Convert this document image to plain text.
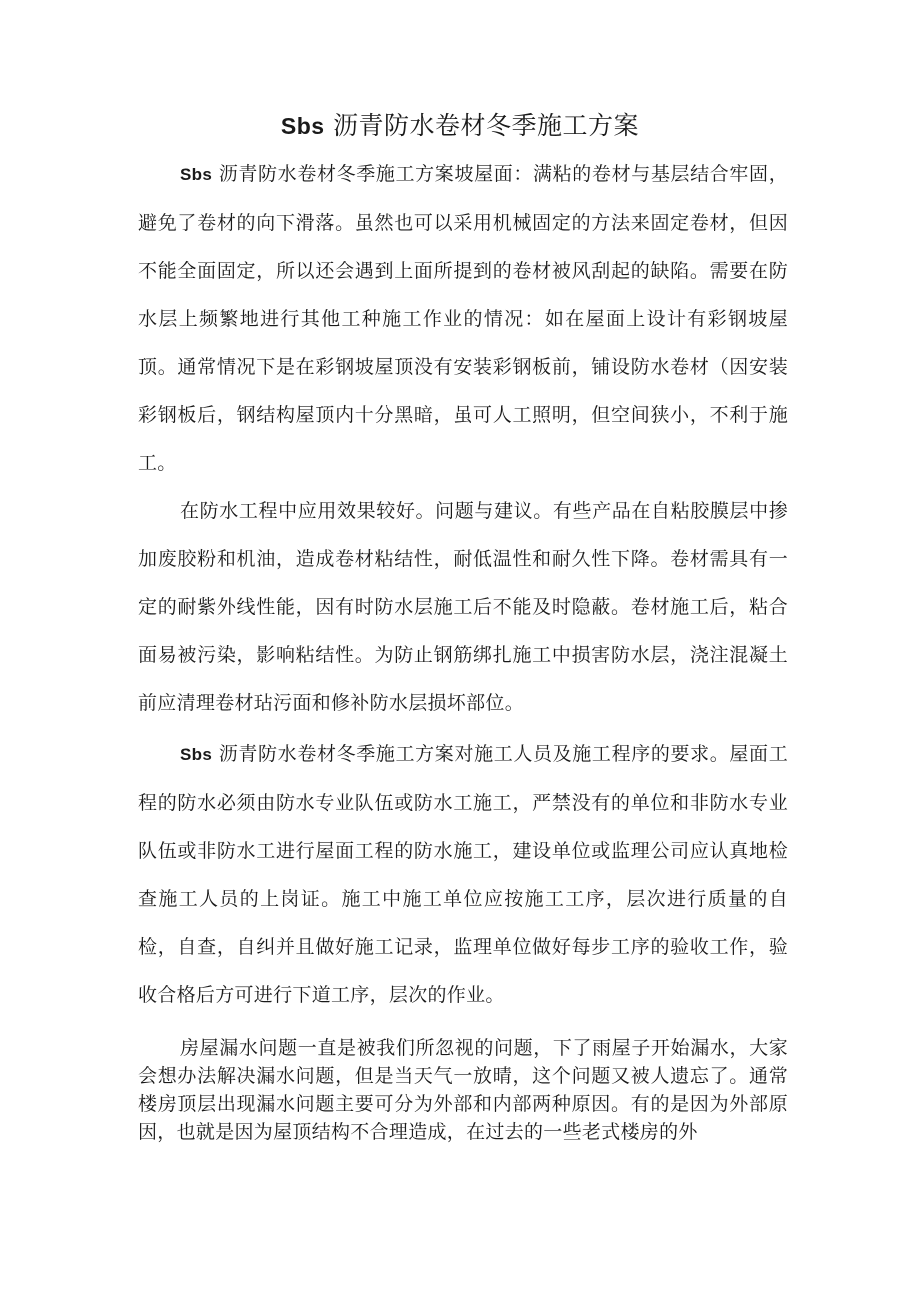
Sbs 沥青防水卷材冬季施工方案

Sbs 沥青防水卷材冬季施工方案坡屋面：满粘的卷材与基层结合牢固，避免了卷材的向下滑落。虽然也可以采用机械固定的方法来固定卷材，但因不能全面固定，所以还会遇到上面所提到的卷材被风刮起的缺陷。需要在防水层上频繁地进行其他工种施工作业的情况：如在屋面上设计有彩钢坡屋顶。通常情况下是在彩钢坡屋顶没有安装彩钢板前，铺设防水卷材（因安装彩钢板后，钢结构屋顶内十分黑暗，虽可人工照明，但空间狭小，不利于施工。

在防水工程中应用效果较好。问题与建议。有些产品在自粘胶膜层中掺加废胶粉和机油，造成卷材粘结性，耐低温性和耐久性下降。卷材需具有一定的耐紫外线性能，因有时防水层施工后不能及时隐蔽。卷材施工后，粘合面易被污染，影响粘结性。为防止钢筋绑扎施工中损害防水层，浇注混凝土前应清理卷材玷污面和修补防水层损坏部位。

Sbs 沥青防水卷材冬季施工方案对施工人员及施工程序的要求。屋面工程的防水必须由防水专业队伍或防水工施工，严禁没有的单位和非防水专业队伍或非防水工进行屋面工程的防水施工，建设单位或监理公司应认真地检查施工人员的上岗证。施工中施工单位应按施工工序，层次进行质量的自检，自查，自纠并且做好施工记录，监理单位做好每步工序的验收工作，验收合格后方可进行下道工序，层次的作业。

房屋漏水问题一直是被我们所忽视的问题，下了雨屋子开始漏水，大家会想办法解决漏水问题，但是当天气一放晴，这个问题又被人遗忘了。通常楼房顶层出现漏水问题主要可分为外部和内部两种原因。有的是因为外部原因，也就是因为屋顶结构不合理造成，在过去的一些老式楼房的外
